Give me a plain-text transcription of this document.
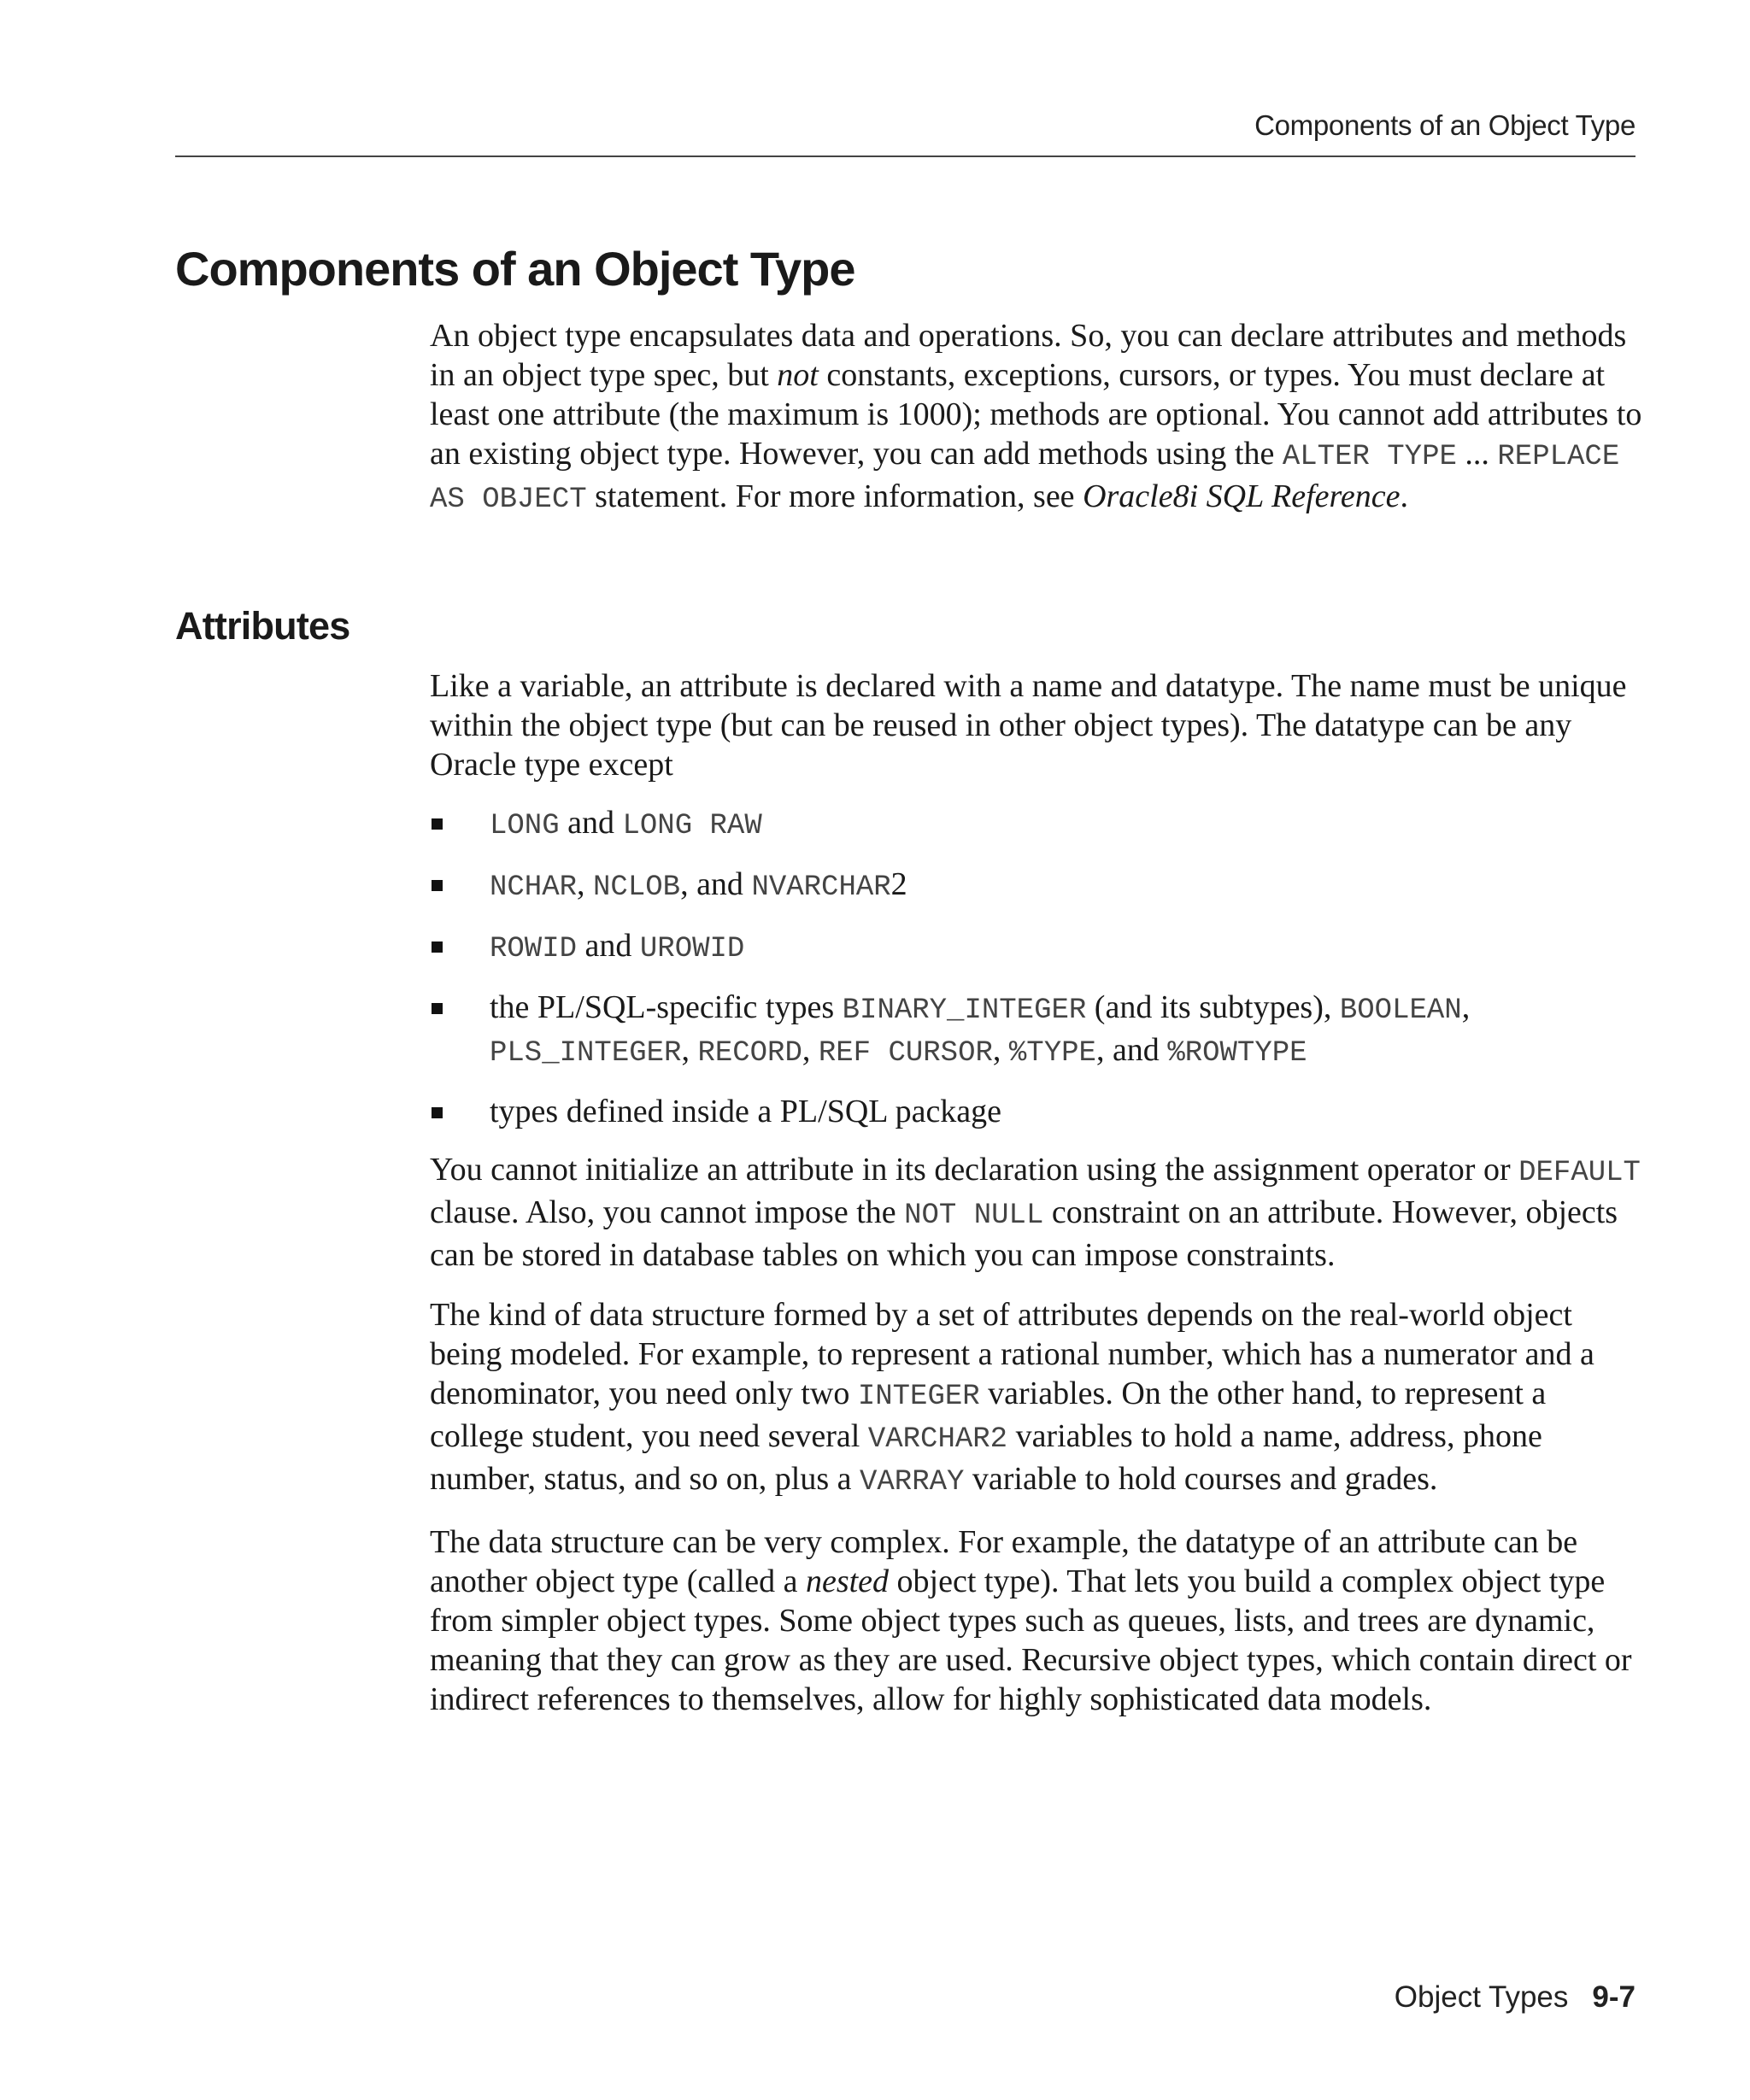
Components of an Object Type
Components of an Object Type

An object type encapsulates data and operations. So, you can declare attributes and methods in an object type spec, but not constants, exceptions, cursors, or types. You must declare at least one attribute (the maximum is 1000); methods are optional. You cannot add attributes to an existing object type. However, you can add methods using the ALTER TYPE ... REPLACE AS OBJECT statement. For more information, see Oracle8i SQL Reference.

Attributes

Like a variable, an attribute is declared with a name and datatype. The name must be unique within the object type (but can be reused in other object types). The datatype can be any Oracle type except

LONG and LONG RAW
NCHAR, NCLOB, and NVARCHAR2
ROWID and UROWID
the PL/SQL-specific types BINARY_INTEGER (and its subtypes), BOOLEAN, PLS_INTEGER, RECORD, REF CURSOR, %TYPE, and %ROWTYPE
types defined inside a PL/SQL package

You cannot initialize an attribute in its declaration using the assignment operator or DEFAULT clause. Also, you cannot impose the NOT NULL constraint on an attribute. However, objects can be stored in database tables on which you can impose constraints.

The kind of data structure formed by a set of attributes depends on the real-world object being modeled. For example, to represent a rational number, which has a numerator and a denominator, you need only two INTEGER variables. On the other hand, to represent a college student, you need several VARCHAR2 variables to hold a name, address, phone number, status, and so on, plus a VARRAY variable to hold courses and grades.

The data structure can be very complex. For example, the datatype of an attribute can be another object type (called a nested object type). That lets you build a complex object type from simpler object types. Some object types such as queues, lists, and trees are dynamic, meaning that they can grow as they are used. Recursive object types, which contain direct or indirect references to themselves, allow for highly sophisticated data models.

Object Types 9-7
